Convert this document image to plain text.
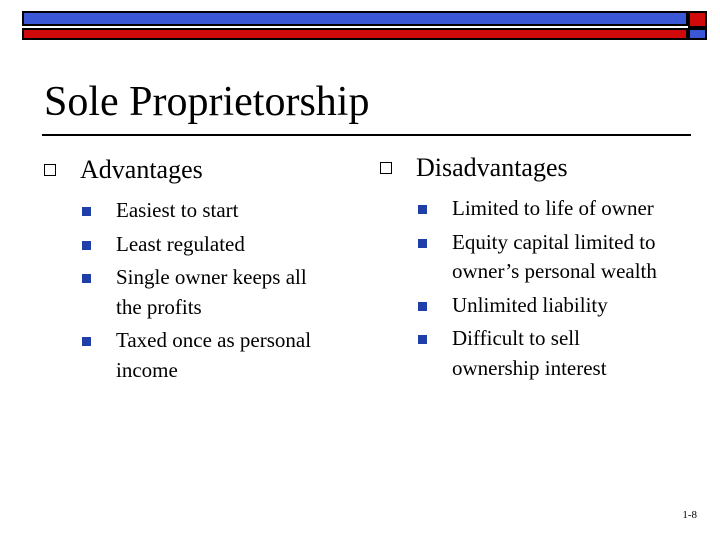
Sole Proprietorship
Advantages
Easiest to start
Least regulated
Single owner keeps all the profits
Taxed once as personal income
Disadvantages
Limited to life of owner
Equity capital limited to owner’s personal wealth
Unlimited liability
Difficult to sell ownership interest
1-8
